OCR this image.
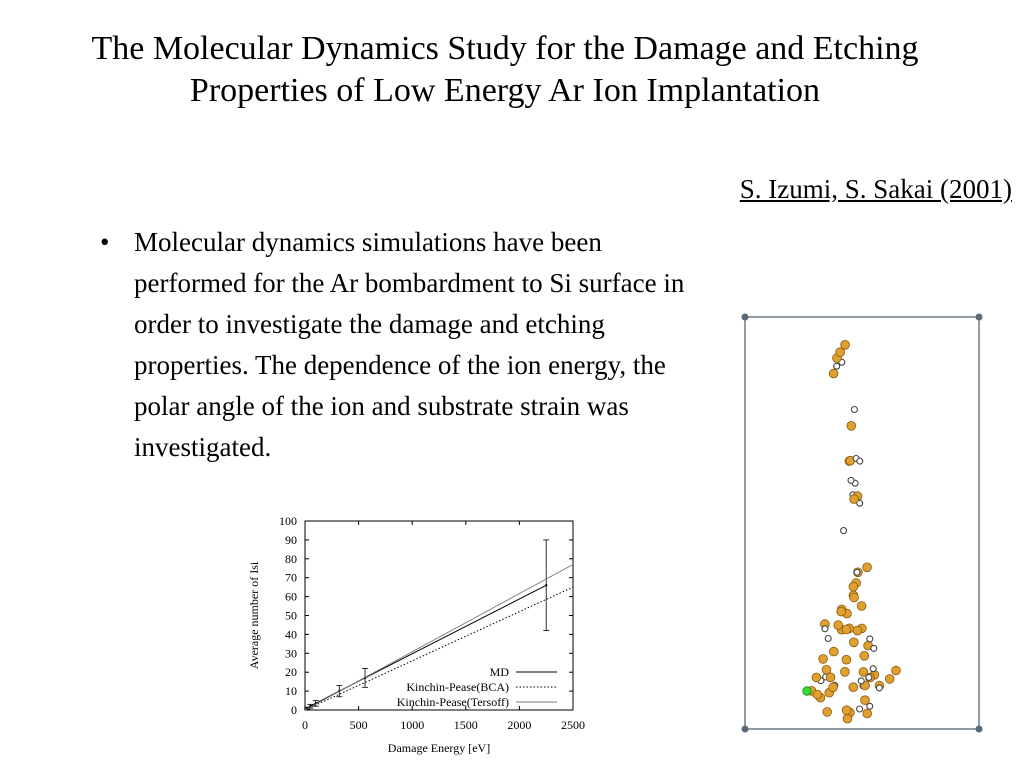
The Molecular Dynamics Study for the Damage and Etching Properties of Low Energy Ar Ion Implantation
S. Izumi, S. Sakai (2001)
• Molecular dynamics simulations have been performed for the Ar bombardment to Si surface in order to investigate the damage and etching properties. The dependence of the ion energy, the polar angle of the ion and substrate strain was investigated.
0	500	1000 1500 2000 2500
0
10
20
30
40
50
60
70
80
90
100
Damage Energy [eV]
Average number of Isi
MD
Kinchin-Pease(BCA)
Kinchin-Pease(Tersoff)
